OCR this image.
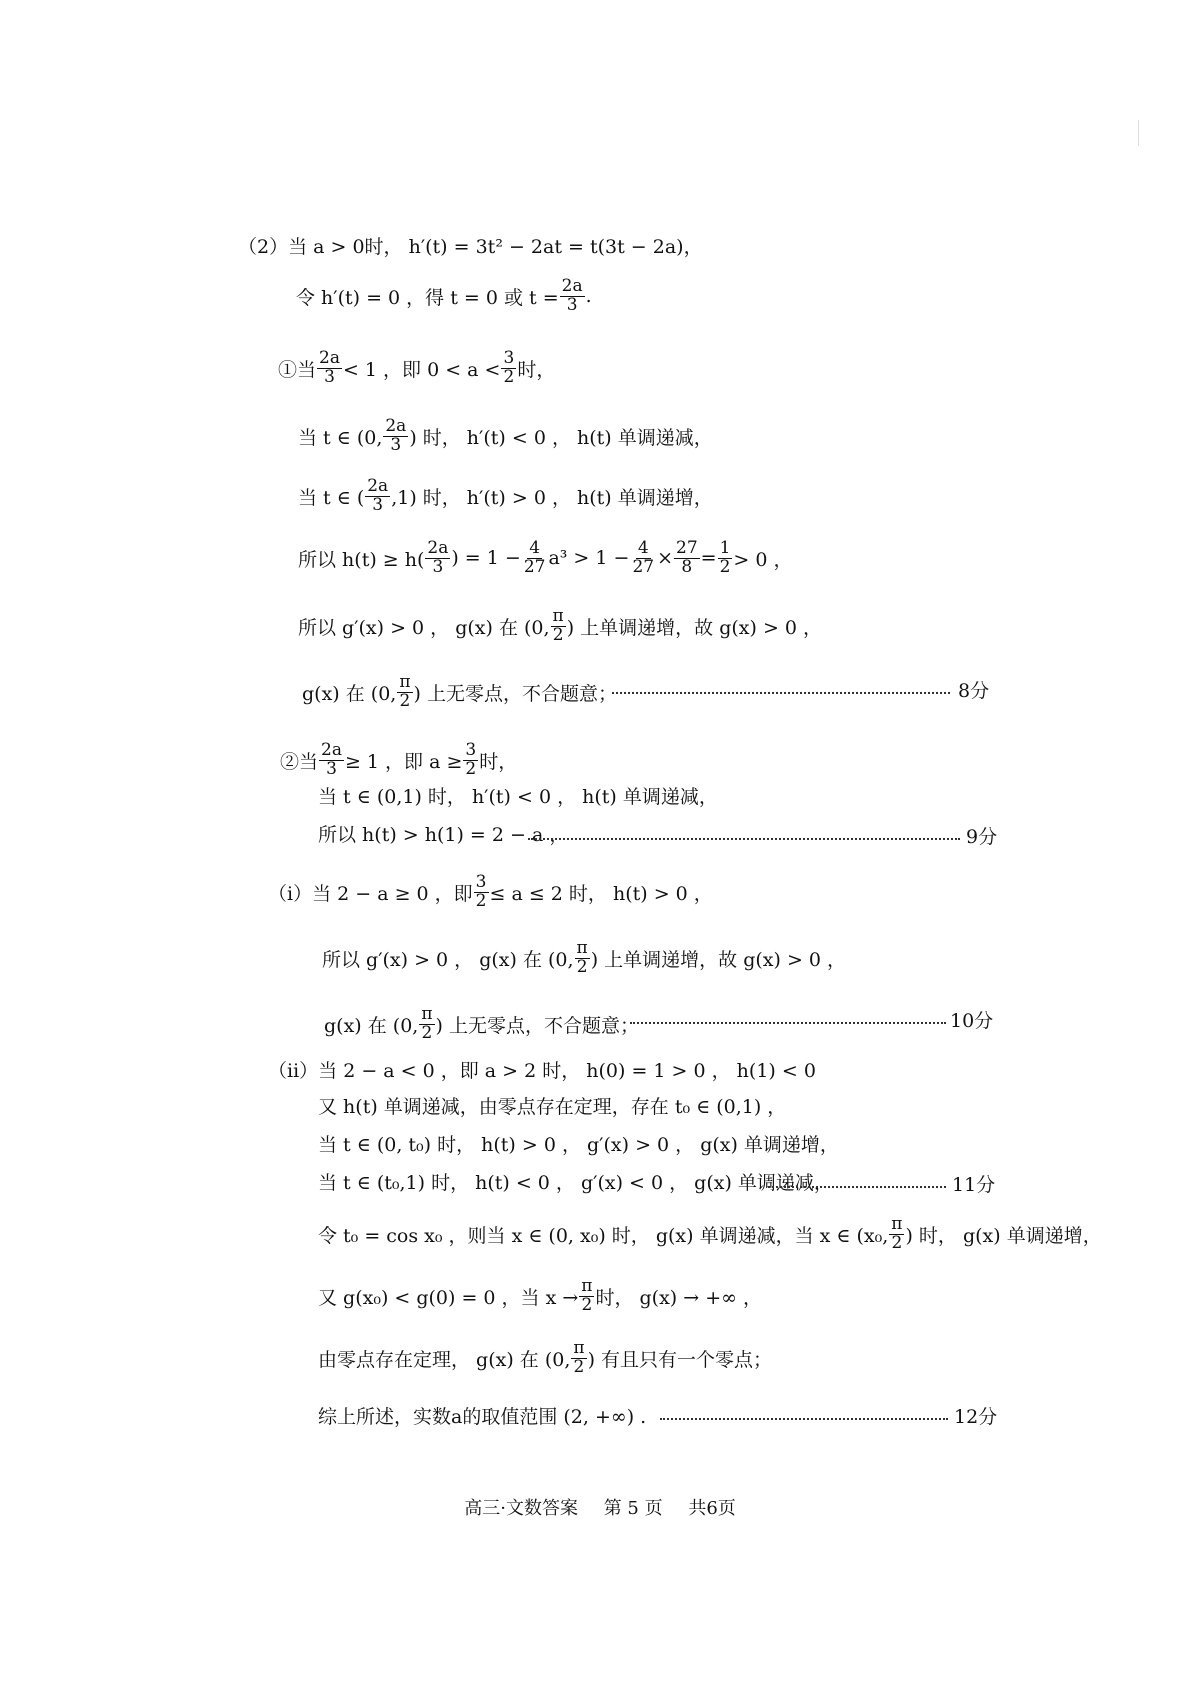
（2）当 a > 0时， h′(t) = 3t² − 2at = t(3t − 2a)，
令 h′(t) = 0 ，得 t = 0 或 $t = \frac{2a}{3}$ .
①当 $\frac{2a}{3} < 1$ ，即 $0 < a < \frac{3}{2}$ 时，
当 t ∈ (0, $\frac{2a}{3}$ ) 时， h′(t) < 0 ， h(t) 单调递减，
当 t ∈ ( $\frac{2a}{3} ,1$) 时， h′(t) > 0 ， h(t) 单调递增，
所以 $h(t) \ge h( \frac{2a}{3}$ ) = $1 - \frac{4}{27} a^3 > 1 - \frac{4}{27} \times \frac{27}{8} = \frac{1}{2} > 0$ ，
所以 g′(x) > 0 ， g(x) 在 (0, $\frac{\pi}{2}$ ) 上单调递增，故 g(x) > 0 ，
g(x) 在 (0, $\frac{\pi}{2}$ ) 上无零点，不合题意；	8分
②当 $\frac{2a}{3} \ge 1$ ，即 $a \ge \frac{3}{2}$ 时，
当 t ∈ (0,1) 时， h′(t) < 0 ， h(t) 单调递减，
所以 h(t) > h(1) = 2 − a ，	9分
（ⅰ）当 2 − a ≥ 0 ，即 $\frac{3}{2} \le a \le 2$ 时， h(t) > 0 ，
所以 g′(x) > 0 ， g(x) 在 (0, $\frac{\pi}{2}$ ) 上单调递增，故 g(x) > 0 ，
g(x) 在 (0, $\frac{\pi}{2}$ ) 上无零点，不合题意；	10分
（ⅱ）当 2 − a < 0 ，即 a > 2 时， h(0) = 1 > 0 ， h(1) < 0
又 h(t) 单调递减，由零点存在定理，存在 t₀ ∈ (0,1) ，
当 t ∈ (0, t₀) 时， h(t) > 0 ， g′(x) > 0 ， g(x) 单调递增，
当 t ∈ (t₀,1) 时， h(t) < 0 ， g′(x) < 0 ， g(x) 单调递减，	11分
令 t₀ = cos x₀ ，则当 x ∈ (0, x₀) 时， g(x) 单调递减，当 x ∈ (x₀, $\frac{\pi}{2}$ ) 时， g(x) 单调递增，
又 g(x₀) < g(0) = 0 ，当 $x \to \frac{\pi}{2}$ 时， g(x) → +∞ ，
由零点存在定理， g(x) 在 (0, $\frac{\pi}{2}$ ) 有且只有一个零点；
综上所述，实数a的取值范围 (2, +∞) .	12分
高三·文数答案 第 5 页 共6页
